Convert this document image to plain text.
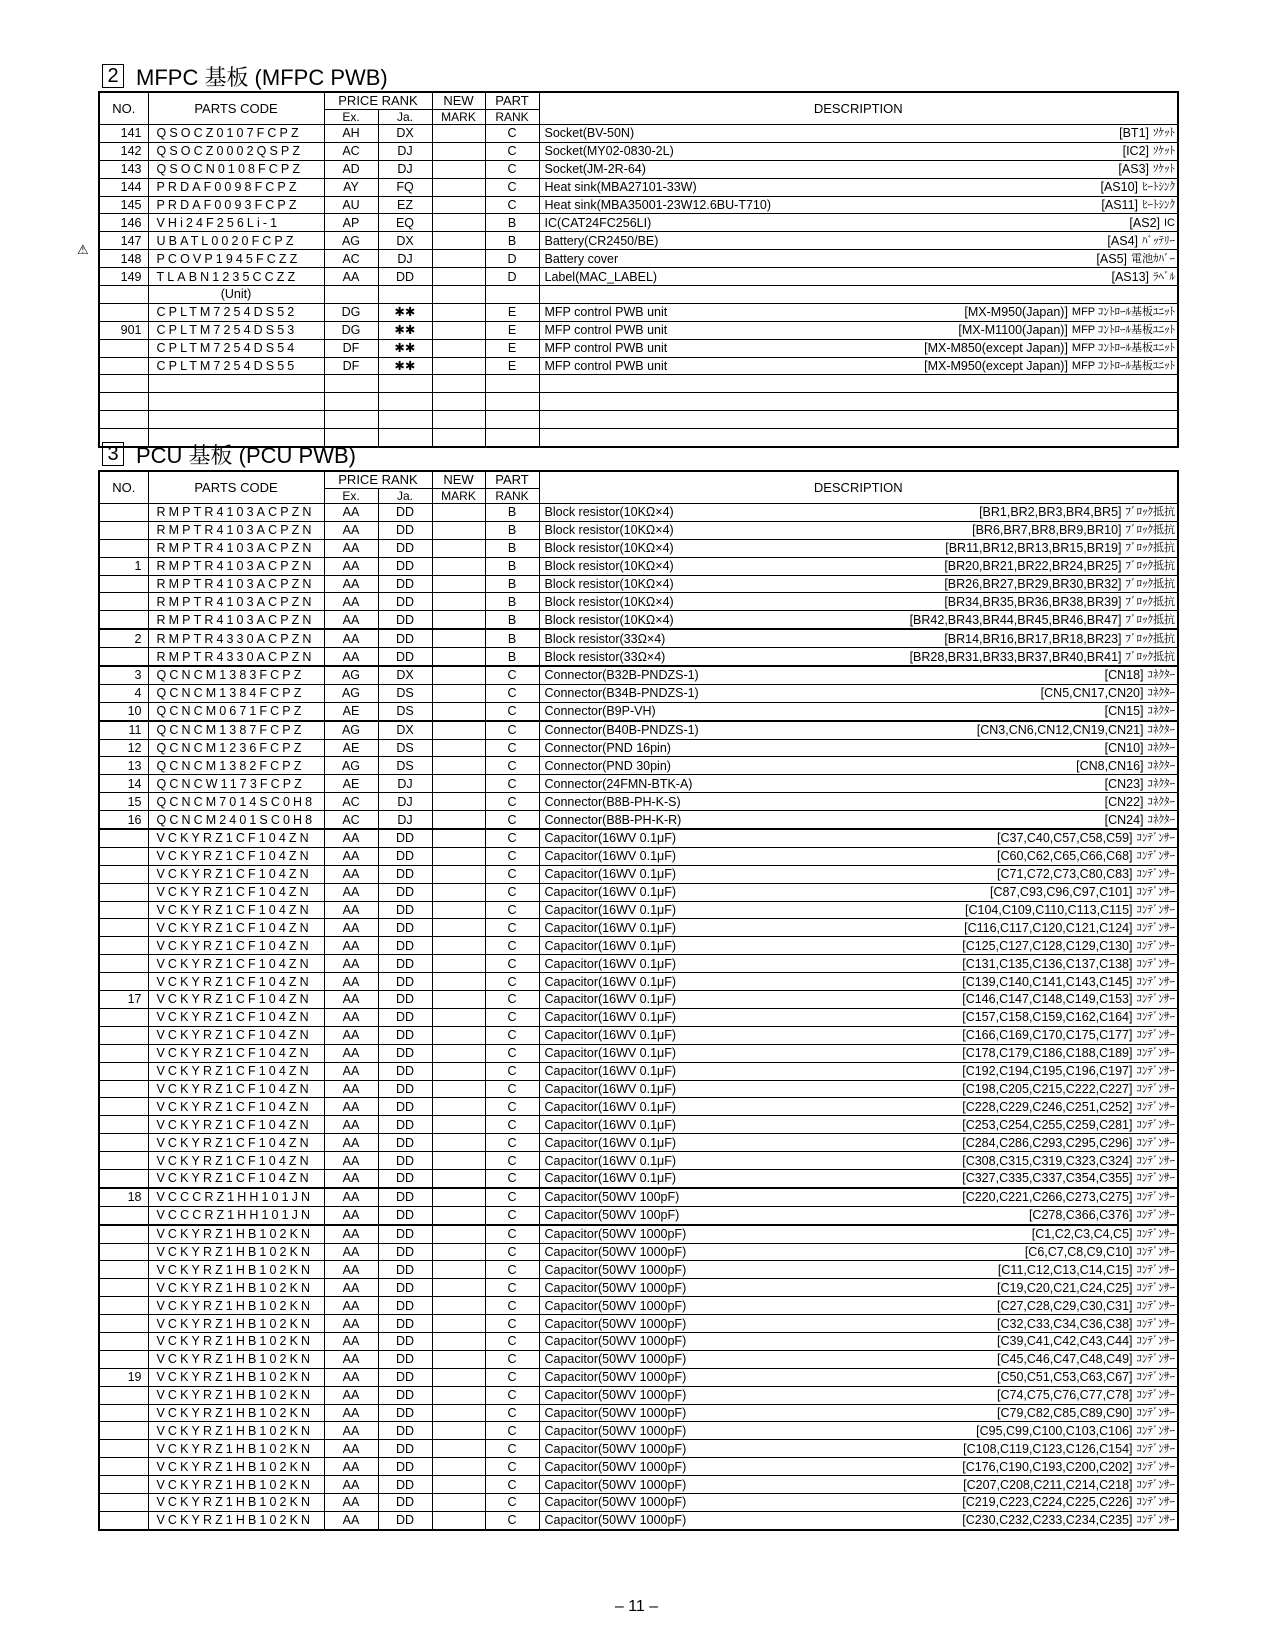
2 MFPC 基板 (MFPC PWB)
⚠
NO.	PARTS CODE	PRICE RANK		NEW	PART	DESCRIPTION
		Ex.	Ja.	MARK	RANK	
141	QSOCZ0107FCPZ	AH	DX		C	Socket(BV-50N) [BT1] ｿｹｯﾄ

142	QSOCZ0002QSPZ	AC	DJ		C	Socket(MY02-0830-2L) [IC2] ｿｹｯﾄ

143	QSOCN0108FCPZ	AD	DJ		C	Socket(JM-2R-64) [AS3] ｿｹｯﾄ

144	PRDAF0098FCPZ	AY	FQ		C	Heat sink(MBA27101-33W) [AS10] ﾋｰﾄｼﾝｸ

145	PRDAF0093FCPZ	AU	EZ		C	Heat sink(MBA35001-23W12.6BU-T710) [AS11] ﾋｰﾄｼﾝｸ

146	VHi24F256Li-1	AP	EQ		B	IC(CAT24FC256LI) [AS2] IC

147	UBATL0020FCPZ	AG	DX		B	Battery(CR2450/BE) [AS4] ﾊﾞｯﾃﾘｰ

148	PCOVP1945FCZZ	AC	DJ		D	Battery cover [AS5] 電池ｶﾊﾞｰ

149	TLABN1235CCZZ	AA	DD		D	Label(MAC_LABEL) [AS13] ﾗﾍﾞﾙ

	(Unit)					

	CPLTM7254DS52	DG	✱✱		E	MFP control PWB unit [MX-M950(Japan)] MFP ｺﾝﾄﾛｰﾙ基板ﾕﾆｯﾄ

901	CPLTM7254DS53	DG	✱✱		E	MFP control PWB unit [MX-M1100(Japan)] MFP ｺﾝﾄﾛｰﾙ基板ﾕﾆｯﾄ

	CPLTM7254DS54	DF	✱✱		E	MFP control PWB unit [MX-M850(except Japan)] MFP ｺﾝﾄﾛｰﾙ基板ﾕﾆｯﾄ

	CPLTM7254DS55	DF	✱✱		E	MFP control PWB unit [MX-M950(except Japan)] MFP ｺﾝﾄﾛｰﾙ基板ﾕﾆｯﾄ

3 PCU 基板 (PCU PWB)
NO.	PARTS CODE	PRICE RANK		NEW	PART	DESCRIPTION
		Ex.	Ja.	MARK	RANK	
	RMPTR4103ACPZN	AA	DD		B	Block resistor(10KΩ×4) [BR1,BR2,BR3,BR4,BR5] ﾌﾞﾛｯｸ抵抗

	RMPTR4103ACPZN	AA	DD		B	Block resistor(10KΩ×4) [BR6,BR7,BR8,BR9,BR10] ﾌﾞﾛｯｸ抵抗

	RMPTR4103ACPZN	AA	DD		B	Block resistor(10KΩ×4) [BR11,BR12,BR13,BR15,BR19] ﾌﾞﾛｯｸ抵抗

1	RMPTR4103ACPZN	AA	DD		B	Block resistor(10KΩ×4) [BR20,BR21,BR22,BR24,BR25] ﾌﾞﾛｯｸ抵抗

	RMPTR4103ACPZN	AA	DD		B	Block resistor(10KΩ×4) [BR26,BR27,BR29,BR30,BR32] ﾌﾞﾛｯｸ抵抗

	RMPTR4103ACPZN	AA	DD		B	Block resistor(10KΩ×4) [BR34,BR35,BR36,BR38,BR39] ﾌﾞﾛｯｸ抵抗

	RMPTR4103ACPZN	AA	DD		B	Block resistor(10KΩ×4) [BR42,BR43,BR44,BR45,BR46,BR47] ﾌﾞﾛｯｸ抵抗

2	RMPTR4330ACPZN	AA	DD		B	Block resistor(33Ω×4) [BR14,BR16,BR17,BR18,BR23] ﾌﾞﾛｯｸ抵抗

	RMPTR4330ACPZN	AA	DD		B	Block resistor(33Ω×4) [BR28,BR31,BR33,BR37,BR40,BR41] ﾌﾞﾛｯｸ抵抗

3	QCNCM1383FCPZ	AG	DX		C	Connector(B32B-PNDZS-1) [CN18] ｺﾈｸﾀｰ

4	QCNCM1384FCPZ	AG	DS		C	Connector(B34B-PNDZS-1) [CN5,CN17,CN20] ｺﾈｸﾀｰ

10	QCNCM0671FCPZ	AE	DS		C	Connector(B9P-VH) [CN15] ｺﾈｸﾀｰ

11	QCNCM1387FCPZ	AG	DX		C	Connector(B40B-PNDZS-1) [CN3,CN6,CN12,CN19,CN21] ｺﾈｸﾀｰ

12	QCNCM1236FCPZ	AE	DS		C	Connector(PND 16pin) [CN10] ｺﾈｸﾀｰ

13	QCNCM1382FCPZ	AG	DS		C	Connector(PND 30pin) [CN8,CN16] ｺﾈｸﾀｰ

14	QCNCW1173FCPZ	AE	DJ		C	Connector(24FMN-BTK-A) [CN23] ｺﾈｸﾀｰ

15	QCNCM7014SC0H8	AC	DJ		C	Connector(B8B-PH-K-S) [CN22] ｺﾈｸﾀｰ

16	QCNCM2401SC0H8	AC	DJ		C	Connector(B8B-PH-K-R) [CN24] ｺﾈｸﾀｰ

	VCKYRZ1CF104ZN	AA	DD		C	Capacitor(16WV 0.1μF) [C37,C40,C57,C58,C59] ｺﾝﾃﾞﾝｻｰ

	VCKYRZ1CF104ZN	AA	DD		C	Capacitor(16WV 0.1μF) [C60,C62,C65,C66,C68] ｺﾝﾃﾞﾝｻｰ

	VCKYRZ1CF104ZN	AA	DD		C	Capacitor(16WV 0.1μF) [C71,C72,C73,C80,C83] ｺﾝﾃﾞﾝｻｰ

	VCKYRZ1CF104ZN	AA	DD		C	Capacitor(16WV 0.1μF) [C87,C93,C96,C97,C101] ｺﾝﾃﾞﾝｻｰ

	VCKYRZ1CF104ZN	AA	DD		C	Capacitor(16WV 0.1μF) [C104,C109,C110,C113,C115] ｺﾝﾃﾞﾝｻｰ

	VCKYRZ1CF104ZN	AA	DD		C	Capacitor(16WV 0.1μF) [C116,C117,C120,C121,C124] ｺﾝﾃﾞﾝｻｰ

	VCKYRZ1CF104ZN	AA	DD		C	Capacitor(16WV 0.1μF) [C125,C127,C128,C129,C130] ｺﾝﾃﾞﾝｻｰ

	VCKYRZ1CF104ZN	AA	DD		C	Capacitor(16WV 0.1μF) [C131,C135,C136,C137,C138] ｺﾝﾃﾞﾝｻｰ

	VCKYRZ1CF104ZN	AA	DD		C	Capacitor(16WV 0.1μF) [C139,C140,C141,C143,C145] ｺﾝﾃﾞﾝｻｰ

17	VCKYRZ1CF104ZN	AA	DD		C	Capacitor(16WV 0.1μF) [C146,C147,C148,C149,C153] ｺﾝﾃﾞﾝｻｰ

	VCKYRZ1CF104ZN	AA	DD		C	Capacitor(16WV 0.1μF) [C157,C158,C159,C162,C164] ｺﾝﾃﾞﾝｻｰ

	VCKYRZ1CF104ZN	AA	DD		C	Capacitor(16WV 0.1μF) [C166,C169,C170,C175,C177] ｺﾝﾃﾞﾝｻｰ

	VCKYRZ1CF104ZN	AA	DD		C	Capacitor(16WV 0.1μF) [C178,C179,C186,C188,C189] ｺﾝﾃﾞﾝｻｰ

	VCKYRZ1CF104ZN	AA	DD		C	Capacitor(16WV 0.1μF) [C192,C194,C195,C196,C197] ｺﾝﾃﾞﾝｻｰ

	VCKYRZ1CF104ZN	AA	DD		C	Capacitor(16WV 0.1μF) [C198,C205,C215,C222,C227] ｺﾝﾃﾞﾝｻｰ

	VCKYRZ1CF104ZN	AA	DD		C	Capacitor(16WV 0.1μF) [C228,C229,C246,C251,C252] ｺﾝﾃﾞﾝｻｰ

	VCKYRZ1CF104ZN	AA	DD		C	Capacitor(16WV 0.1μF) [C253,C254,C255,C259,C281] ｺﾝﾃﾞﾝｻｰ

	VCKYRZ1CF104ZN	AA	DD		C	Capacitor(16WV 0.1μF) [C284,C286,C293,C295,C296] ｺﾝﾃﾞﾝｻｰ

	VCKYRZ1CF104ZN	AA	DD		C	Capacitor(16WV 0.1μF) [C308,C315,C319,C323,C324] ｺﾝﾃﾞﾝｻｰ

	VCKYRZ1CF104ZN	AA	DD		C	Capacitor(16WV 0.1μF) [C327,C335,C337,C354,C355] ｺﾝﾃﾞﾝｻｰ

18	VCCCRZ1HH101JN	AA	DD		C	Capacitor(50WV 100pF) [C220,C221,C266,C273,C275] ｺﾝﾃﾞﾝｻｰ

	VCCCRZ1HH101JN	AA	DD		C	Capacitor(50WV 100pF) [C278,C366,C376] ｺﾝﾃﾞﾝｻｰ

	VCKYRZ1HB102KN	AA	DD		C	Capacitor(50WV 1000pF) [C1,C2,C3,C4,C5] ｺﾝﾃﾞﾝｻｰ

	VCKYRZ1HB102KN	AA	DD		C	Capacitor(50WV 1000pF) [C6,C7,C8,C9,C10] ｺﾝﾃﾞﾝｻｰ

	VCKYRZ1HB102KN	AA	DD		C	Capacitor(50WV 1000pF) [C11,C12,C13,C14,C15] ｺﾝﾃﾞﾝｻｰ

	VCKYRZ1HB102KN	AA	DD		C	Capacitor(50WV 1000pF) [C19,C20,C21,C24,C25] ｺﾝﾃﾞﾝｻｰ

	VCKYRZ1HB102KN	AA	DD		C	Capacitor(50WV 1000pF) [C27,C28,C29,C30,C31] ｺﾝﾃﾞﾝｻｰ

	VCKYRZ1HB102KN	AA	DD		C	Capacitor(50WV 1000pF) [C32,C33,C34,C36,C38] ｺﾝﾃﾞﾝｻｰ

	VCKYRZ1HB102KN	AA	DD		C	Capacitor(50WV 1000pF) [C39,C41,C42,C43,C44] ｺﾝﾃﾞﾝｻｰ

	VCKYRZ1HB102KN	AA	DD		C	Capacitor(50WV 1000pF) [C45,C46,C47,C48,C49] ｺﾝﾃﾞﾝｻｰ

19	VCKYRZ1HB102KN	AA	DD		C	Capacitor(50WV 1000pF) [C50,C51,C53,C63,C67] ｺﾝﾃﾞﾝｻｰ

	VCKYRZ1HB102KN	AA	DD		C	Capacitor(50WV 1000pF) [C74,C75,C76,C77,C78] ｺﾝﾃﾞﾝｻｰ

	VCKYRZ1HB102KN	AA	DD		C	Capacitor(50WV 1000pF) [C79,C82,C85,C89,C90] ｺﾝﾃﾞﾝｻｰ

	VCKYRZ1HB102KN	AA	DD		C	Capacitor(50WV 1000pF) [C95,C99,C100,C103,C106] ｺﾝﾃﾞﾝｻｰ

	VCKYRZ1HB102KN	AA	DD		C	Capacitor(50WV 1000pF) [C108,C119,C123,C126,C154] ｺﾝﾃﾞﾝｻｰ

	VCKYRZ1HB102KN	AA	DD		C	Capacitor(50WV 1000pF) [C176,C190,C193,C200,C202] ｺﾝﾃﾞﾝｻｰ

	VCKYRZ1HB102KN	AA	DD		C	Capacitor(50WV 1000pF) [C207,C208,C211,C214,C218] ｺﾝﾃﾞﾝｻｰ

	VCKYRZ1HB102KN	AA	DD		C	Capacitor(50WV 1000pF) [C219,C223,C224,C225,C226] ｺﾝﾃﾞﾝｻｰ

	VCKYRZ1HB102KN	AA	DD		C	Capacitor(50WV 1000pF) [C230,C232,C233,C234,C235] ｺﾝﾃﾞﾝｻｰ
– 11 –
